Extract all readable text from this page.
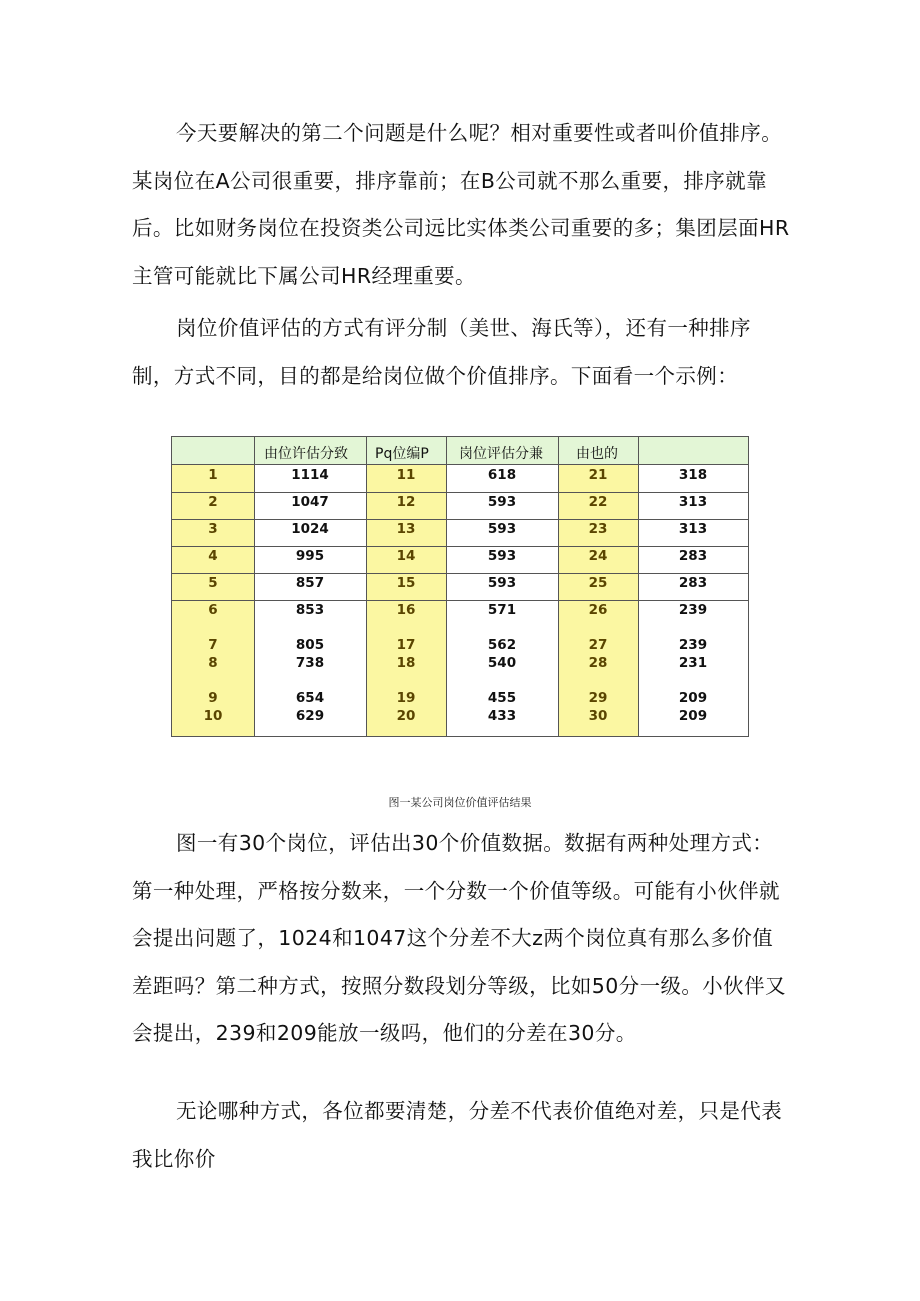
今天要解决的第二个问题是什么呢？相对重要性或者叫价值排序。某岗位在A公司很重要，排序靠前；在B公司就不那么重要，排序就靠后。比如财务岗位在投资类公司远比实体类公司重要的多；集团层面HR主管可能就比下属公司HR经理重要。

岗位价值评估的方式有评分制（美世、海氏等），还有一种排序制，方式不同，目的都是给岗位做个价值排序。下面看一个示例：

由位许估分致 Pq位编P 岗位评估分兼 由也的
1
2
3
4
5
6
7
8
9
10
1114
1047
1024
995
857
853
805
738
654
629
11
12
13
14
15
16
17
18
19
20
618
593
593
593
593
571
562
540
455
433
21
22
23
24
25
26
27
28
29
30
318
313
313
283
283
239
239
231
209
209
图一某公司岗位价值评估结果

图一有30个岗位，评估出30个价值数据。数据有两种处理方式：第一种处理，严格按分数来，一个分数一个价值等级。可能有小伙伴就会提出问题了，1024和1047这个分差不大z两个岗位真有那么多价值差距吗？第二种方式，按照分数段划分等级，比如50分一级。小伙伴又会提出，239和209能放一级吗，他们的分差在30分。

无论哪种方式，各位都要清楚，分差不代表价值绝对差，只是代表我比你价
